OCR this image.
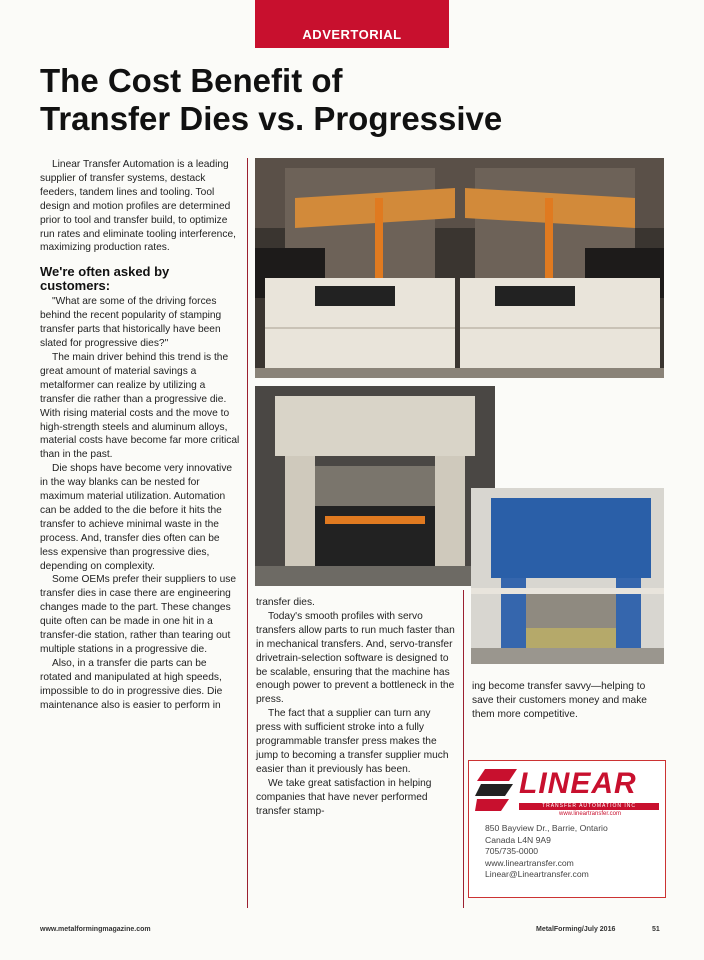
ADVERTORIAL
The Cost Benefit of
Transfer Dies vs. Progressive

Linear Transfer Automation is a leading supplier of transfer systems, destack feeders, tandem lines and tooling. Tool design and motion profiles are determined prior to tool and transfer build, to optimize run rates and eliminate tooling interference, maximizing production rates.

We're often asked by customers:

"What are some of the driving forces behind the recent popularity of stamping transfer parts that historically have been slated for progressive dies?"

The main driver behind this trend is the great amount of material savings a metalformer can realize by utilizing a transfer die rather than a progressive die. With rising material costs and the move to high-strength steels and aluminum alloys, material costs have become far more critical than in the past.

Die shops have become very innovative in the way blanks can be nested for maximum material utilization. Automation can be added to the die before it hits the transfer to achieve minimal waste in the process. And, transfer dies often can be less expensive than progressive dies, depending on complexity.

Some OEMs prefer their suppliers to use transfer dies in case there are engineering changes made to the part. These changes quite often can be made in one hit in a transfer-die station, rather than tearing out multiple stations in a progressive die.

Also, in a transfer die parts can be rotated and manipulated at high speeds, impossible to do in progressive dies. Die maintenance also is easier to perform in

transfer dies.

Today's smooth profiles with servo transfers allow parts to run much faster than in mechanical transfers. And, servo-transfer drivetrain-selection software is designed to be scalable, ensuring that the machine has enough power to prevent a bottleneck in the press.

The fact that a supplier can turn any press with sufficient stroke into a fully programmable transfer press makes the jump to becoming a transfer supplier much easier than it previously has been.

We take great satisfaction in helping companies that have never performed transfer stamp-

ing become transfer savvy—helping to save their customers money and make them more competitive.

LINEAR
TRANSFER AUTOMATION INC
www.lineartransfer.com
850 Bayview Dr., Barrie, Ontario
Canada L4N 9A9
705/735-0000
www.lineartransfer.com
Linear@Lineartransfer.com
www.metalformingmagazine.com	MetalForming/July 2016	51
